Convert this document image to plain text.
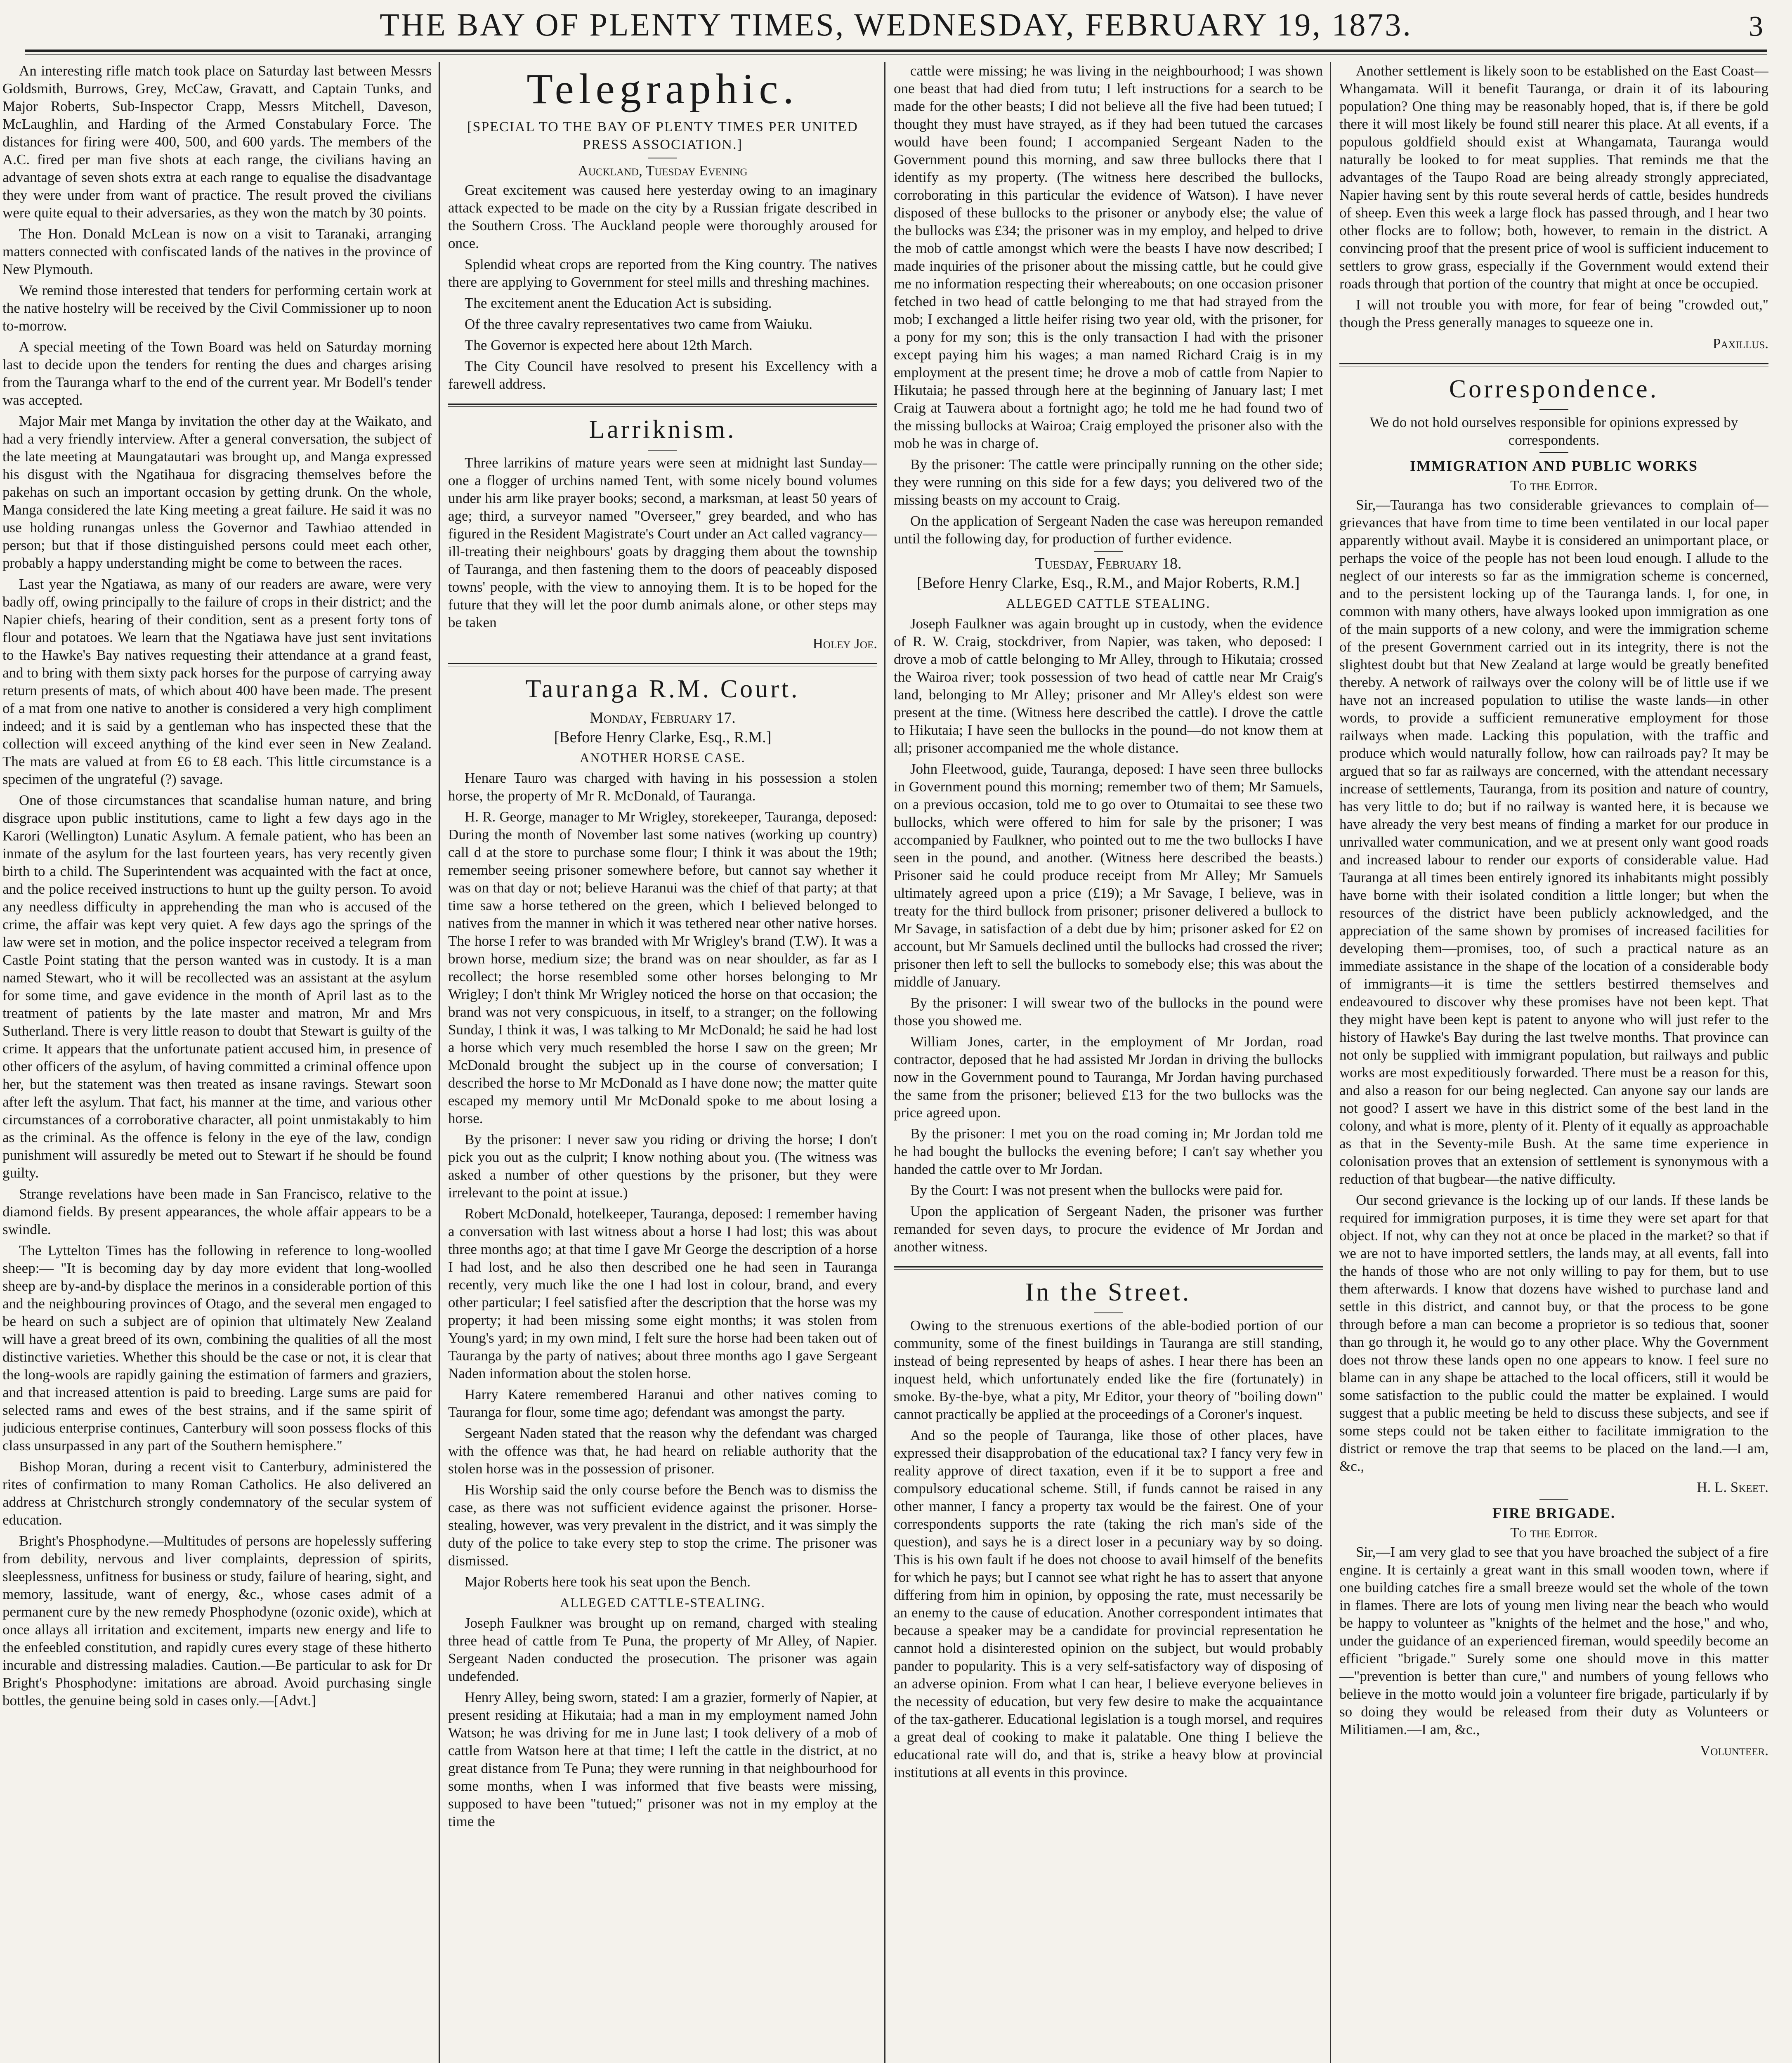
THE BAY OF PLENTY TIMES, WEDNESDAY, FEBRUARY 19, 1873.	3

An interesting rifle match took place on Saturday last between Messrs Goldsmith, Burrows, Grey, McCaw, Gravatt, and Captain Tunks, and Major Roberts, Sub-Inspector Crapp, Messrs Mitchell, Daveson, McLaughlin, and Harding of the Armed Constabulary Force. The distances for firing were 400, 500, and 600 yards. The members of the A.C. fired per man five shots at each range, the civilians having an advantage of seven shots extra at each range to equalise the disadvantage they were under from want of practice. The result proved the civilians were quite equal to their adversaries, as they won the match by 30 points.

The Hon. Donald McLean is now on a visit to Taranaki, arranging matters connected with confiscated lands of the natives in the province of New Plymouth.

We remind those interested that tenders for performing certain work at the native hostelry will be received by the Civil Commissioner up to noon to-morrow.

A special meeting of the Town Board was held on Saturday morning last to decide upon the tenders for renting the dues and charges arising from the Tauranga wharf to the end of the current year. Mr Bodell's tender was accepted.

Major Mair met Manga by invitation the other day at the Waikato, and had a very friendly interview. After a general conversation, the subject of the late meeting at Maungatautari was brought up, and Manga expressed his disgust with the Ngatihaua for disgracing themselves before the pakehas on such an important occasion by getting drunk. On the whole, Manga considered the late King meeting a great failure. He said it was no use holding runangas unless the Governor and Tawhiao attended in person; but that if those distinguished persons could meet each other, probably a happy understanding might be come to between the races.

Last year the Ngatiawa, as many of our readers are aware, were very badly off, owing principally to the failure of crops in their district; and the Napier chiefs, hearing of their condition, sent as a present forty tons of flour and potatoes. We learn that the Ngatiawa have just sent invitations to the Hawke's Bay natives requesting their attendance at a grand feast, and to bring with them sixty pack horses for the purpose of carrying away return presents of mats, of which about 400 have been made. The present of a mat from one native to another is considered a very high compliment indeed; and it is said by a gentleman who has inspected these that the collection will exceed anything of the kind ever seen in New Zealand. The mats are valued at from £6 to £8 each. This little circumstance is a specimen of the ungrateful (?) savage.

One of those circumstances that scandalise human nature, and bring disgrace upon public institutions, came to light a few days ago in the Karori (Wellington) Lunatic Asylum. A female patient, who has been an inmate of the asylum for the last fourteen years, has very recently given birth to a child. The Superintendent was acquainted with the fact at once, and the police received instructions to hunt up the guilty person. To avoid any needless difficulty in apprehending the man who is accused of the crime, the affair was kept very quiet. A few days ago the springs of the law were set in motion, and the police inspector received a telegram from Castle Point stating that the person wanted was in custody. It is a man named Stewart, who it will be recollected was an assistant at the asylum for some time, and gave evidence in the month of April last as to the treatment of patients by the late master and matron, Mr and Mrs Sutherland. There is very little reason to doubt that Stewart is guilty of the crime. It appears that the unfortunate patient accused him, in presence of other officers of the asylum, of having committed a criminal offence upon her, but the statement was then treated as insane ravings. Stewart soon after left the asylum. That fact, his manner at the time, and various other circumstances of a corroborative character, all point unmistakably to him as the criminal. As the offence is felony in the eye of the law, condign punishment will assuredly be meted out to Stewart if he should be found guilty.

Strange revelations have been made in San Francisco, relative to the diamond fields. By present appearances, the whole affair appears to be a swindle.

The Lyttelton Times has the following in reference to long-woolled sheep:— "It is becoming day by day more evident that long-woolled sheep are by-and-by displace the merinos in a considerable portion of this and the neighbouring provinces of Otago, and the several men engaged to be heard on such a subject are of opinion that ultimately New Zealand will have a great breed of its own, combining the qualities of all the most distinctive varieties. Whether this should be the case or not, it is clear that the long-wools are rapidly gaining the estimation of farmers and graziers, and that increased attention is paid to breeding. Large sums are paid for selected rams and ewes of the best strains, and if the same spirit of judicious enterprise continues, Canterbury will soon possess flocks of this class unsurpassed in any part of the Southern hemisphere."

Bishop Moran, during a recent visit to Canterbury, administered the rites of confirmation to many Roman Catholics. He also delivered an address at Christchurch strongly condemnatory of the secular system of education.

Bright's Phosphodyne.—Multitudes of persons are hopelessly suffering from debility, nervous and liver complaints, depression of spirits, sleeplessness, unfitness for business or study, failure of hearing, sight, and memory, lassitude, want of energy, &c., whose cases admit of a permanent cure by the new remedy Phosphodyne (ozonic oxide), which at once allays all irritation and excitement, imparts new energy and life to the enfeebled constitution, and rapidly cures every stage of these hitherto incurable and distressing maladies. Caution.—Be particular to ask for Dr Bright's Phosphodyne: imitations are abroad. Avoid purchasing single bottles, the genuine being sold in cases only.—[Advt.]

Telegraphic.
[SPECIAL TO THE BAY OF PLENTY TIMES PER UNITED PRESS ASSOCIATION.]
Auckland, Tuesday Evening

Great excitement was caused here yesterday owing to an imaginary attack expected to be made on the city by a Russian frigate described in the Southern Cross. The Auckland people were thoroughly aroused for once.

Splendid wheat crops are reported from the King country. The natives there are applying to Government for steel mills and threshing machines.

The excitement anent the Education Act is subsiding.

Of the three cavalry representatives two came from Waiuku.

The Governor is expected here about 12th March.

The City Council have resolved to present his Excellency with a farewell address.

Larriknism.

Three larrikins of mature years were seen at midnight last Sunday—one a flogger of urchins named Tent, with some nicely bound volumes under his arm like prayer books; second, a marksman, at least 50 years of age; third, a surveyor named "Overseer," grey bearded, and who has figured in the Resident Magistrate's Court under an Act called vagrancy—ill-treating their neighbours' goats by dragging them about the township of Tauranga, and then fastening them to the doors of peaceably disposed towns' people, with the view to annoying them. It is to be hoped for the future that they will let the poor dumb animals alone, or other steps may be taken

Holey Joe.

Tauranga R.M. Court.
Monday, February 17.
[Before Henry Clarke, Esq., R.M.]
ANOTHER HORSE CASE.

Henare Tauro was charged with having in his possession a stolen horse, the property of Mr R. McDonald, of Tauranga.

H. R. George, manager to Mr Wrigley, storekeeper, Tauranga, deposed: During the month of November last some natives (working up country) call d at the store to purchase some flour; I think it was about the 19th; remember seeing prisoner somewhere before, but cannot say whether it was on that day or not; believe Haranui was the chief of that party; at that time saw a horse tethered on the green, which I believed belonged to natives from the manner in which it was tethered near other native horses. The horse I refer to was branded with Mr Wrigley's brand (T.W). It was a brown horse, medium size; the brand was on near shoulder, as far as I recollect; the horse resembled some other horses belonging to Mr Wrigley; I don't think Mr Wrigley noticed the horse on that occasion; the brand was not very conspicuous, in itself, to a stranger; on the following Sunday, I think it was, I was talking to Mr McDonald; he said he had lost a horse which very much resembled the horse I saw on the green; Mr McDonald brought the subject up in the course of conversation; I described the horse to Mr McDonald as I have done now; the matter quite escaped my memory until Mr McDonald spoke to me about losing a horse.

By the prisoner: I never saw you riding or driving the horse; I don't pick you out as the culprit; I know nothing about you. (The witness was asked a number of other questions by the prisoner, but they were irrelevant to the point at issue.)

Robert McDonald, hotelkeeper, Tauranga, deposed: I remember having a conversation with last witness about a horse I had lost; this was about three months ago; at that time I gave Mr George the description of a horse I had lost, and he also then described one he had seen in Tauranga recently, very much like the one I had lost in colour, brand, and every other particular; I feel satisfied after the description that the horse was my property; it had been missing some eight months; it was stolen from Young's yard; in my own mind, I felt sure the horse had been taken out of Tauranga by the party of natives; about three months ago I gave Sergeant Naden information about the stolen horse.

Harry Katere remembered Haranui and other natives coming to Tauranga for flour, some time ago; defendant was amongst the party.

Sergeant Naden stated that the reason why the defendant was charged with the offence was that, he had heard on reliable authority that the stolen horse was in the possession of prisoner.

His Worship said the only course before the Bench was to dismiss the case, as there was not sufficient evidence against the prisoner. Horse-stealing, however, was very prevalent in the district, and it was simply the duty of the police to take every step to stop the crime. The prisoner was dismissed.

Major Roberts here took his seat upon the Bench.

ALLEGED CATTLE-STEALING.

Joseph Faulkner was brought up on remand, charged with stealing three head of cattle from Te Puna, the property of Mr Alley, of Napier. Sergeant Naden conducted the prosecution. The prisoner was again undefended.

Henry Alley, being sworn, stated: I am a grazier, formerly of Napier, at present residing at Hikutaia; had a man in my employment named John Watson; he was driving for me in June last; I took delivery of a mob of cattle from Watson here at that time; I left the cattle in the district, at no great distance from Te Puna; they were running in that neighbourhood for some months, when I was informed that five beasts were missing, supposed to have been "tutued;" prisoner was not in my employ at the time the

cattle were missing; he was living in the neighbourhood; I was shown one beast that had died from tutu; I left instructions for a search to be made for the other beasts; I did not believe all the five had been tutued; I thought they must have strayed, as if they had been tutued the carcases would have been found; I accompanied Sergeant Naden to the Government pound this morning, and saw three bullocks there that I identify as my property. (The witness here described the bullocks, corroborating in this particular the evidence of Watson). I have never disposed of these bullocks to the prisoner or anybody else; the value of the bullocks was £34; the prisoner was in my employ, and helped to drive the mob of cattle amongst which were the beasts I have now described; I made inquiries of the prisoner about the missing cattle, but he could give me no information respecting their whereabouts; on one occasion prisoner fetched in two head of cattle belonging to me that had strayed from the mob; I exchanged a little heifer rising two year old, with the prisoner, for a pony for my son; this is the only transaction I had with the prisoner except paying him his wages; a man named Richard Craig is in my employment at the present time; he drove a mob of cattle from Napier to Hikutaia; he passed through here at the beginning of January last; I met Craig at Tauwera about a fortnight ago; he told me he had found two of the missing bullocks at Wairoa; Craig employed the prisoner also with the mob he was in charge of.

By the prisoner: The cattle were principally running on the other side; they were running on this side for a few days; you delivered two of the missing beasts on my account to Craig.

On the application of Sergeant Naden the case was hereupon remanded until the following day, for production of further evidence.

Tuesday, February 18.
[Before Henry Clarke, Esq., R.M., and Major Roberts, R.M.]
ALLEGED CATTLE STEALING.

Joseph Faulkner was again brought up in custody, when the evidence of R. W. Craig, stockdriver, from Napier, was taken, who deposed: I drove a mob of cattle belonging to Mr Alley, through to Hikutaia; crossed the Wairoa river; took possession of two head of cattle near Mr Craig's land, belonging to Mr Alley; prisoner and Mr Alley's eldest son were present at the time. (Witness here described the cattle). I drove the cattle to Hikutaia; I have seen the bullocks in the pound—do not know them at all; prisoner accompanied me the whole distance.

John Fleetwood, guide, Tauranga, deposed: I have seen three bullocks in Government pound this morning; remember two of them; Mr Samuels, on a previous occasion, told me to go over to Otumaitai to see these two bullocks, which were offered to him for sale by the prisoner; I was accompanied by Faulkner, who pointed out to me the two bullocks I have seen in the pound, and another. (Witness here described the beasts.) Prisoner said he could produce receipt from Mr Alley; Mr Samuels ultimately agreed upon a price (£19); a Mr Savage, I believe, was in treaty for the third bullock from prisoner; prisoner delivered a bullock to Mr Savage, in satisfaction of a debt due by him; prisoner asked for £2 on account, but Mr Samuels declined until the bullocks had crossed the river; prisoner then left to sell the bullocks to somebody else; this was about the middle of January.

By the prisoner: I will swear two of the bullocks in the pound were those you showed me.

William Jones, carter, in the employment of Mr Jordan, road contractor, deposed that he had assisted Mr Jordan in driving the bullocks now in the Government pound to Tauranga, Mr Jordan having purchased the same from the prisoner; believed £13 for the two bullocks was the price agreed upon.

By the prisoner: I met you on the road coming in; Mr Jordan told me he had bought the bullocks the evening before; I can't say whether you handed the cattle over to Mr Jordan.

By the Court: I was not present when the bullocks were paid for.

Upon the application of Sergeant Naden, the prisoner was further remanded for seven days, to procure the evidence of Mr Jordan and another witness.

In the Street.

Owing to the strenuous exertions of the able-bodied portion of our community, some of the finest buildings in Tauranga are still standing, instead of being represented by heaps of ashes. I hear there has been an inquest held, which unfortunately ended like the fire (fortunately) in smoke. By-the-bye, what a pity, Mr Editor, your theory of "boiling down" cannot practically be applied at the proceedings of a Coroner's inquest.

And so the people of Tauranga, like those of other places, have expressed their disapprobation of the educational tax? I fancy very few in reality approve of direct taxation, even if it be to support a free and compulsory educational scheme. Still, if funds cannot be raised in any other manner, I fancy a property tax would be the fairest. One of your correspondents supports the rate (taking the rich man's side of the question), and says he is a direct loser in a pecuniary way by so doing. This is his own fault if he does not choose to avail himself of the benefits for which he pays; but I cannot see what right he has to assert that anyone differing from him in opinion, by opposing the rate, must necessarily be an enemy to the cause of education. Another correspondent intimates that because a speaker may be a candidate for provincial representation he cannot hold a disinterested opinion on the subject, but would probably pander to popularity. This is a very self-satisfactory way of disposing of an adverse opinion. From what I can hear, I believe everyone believes in the necessity of education, but very few desire to make the acquaintance of the tax-gatherer. Educational legislation is a tough morsel, and requires a great deal of cooking to make it palatable. One thing I believe the educational rate will do, and that is, strike a heavy blow at provincial institutions at all events in this province.

Another settlement is likely soon to be established on the East Coast—Whangamata. Will it benefit Tauranga, or drain it of its labouring population? One thing may be reasonably hoped, that is, if there be gold there it will most likely be found still nearer this place. At all events, if a populous goldfield should exist at Whangamata, Tauranga would naturally be looked to for meat supplies. That reminds me that the advantages of the Taupo Road are being already strongly appreciated, Napier having sent by this route several herds of cattle, besides hundreds of sheep. Even this week a large flock has passed through, and I hear two other flocks are to follow; both, however, to remain in the district. A convincing proof that the present price of wool is sufficient inducement to settlers to grow grass, especially if the Government would extend their roads through that portion of the country that might at once be occupied.

I will not trouble you with more, for fear of being "crowded out," though the Press generally manages to squeeze one in.

Paxillus.

Correspondence.
We do not hold ourselves responsible for opinions expressed by correspondents.
IMMIGRATION AND PUBLIC WORKS
To the Editor.

Sir,—Tauranga has two considerable grievances to complain of—grievances that have from time to time been ventilated in our local paper apparently without avail. Maybe it is considered an unimportant place, or perhaps the voice of the people has not been loud enough. I allude to the neglect of our interests so far as the immigration scheme is concerned, and to the persistent locking up of the Tauranga lands. I, for one, in common with many others, have always looked upon immigration as one of the main supports of a new colony, and were the immigration scheme of the present Government carried out in its integrity, there is not the slightest doubt but that New Zealand at large would be greatly benefited thereby. A network of railways over the colony will be of little use if we have not an increased population to utilise the waste lands—in other words, to provide a sufficient remunerative employment for those railways when made. Lacking this population, with the traffic and produce which would naturally follow, how can railroads pay? It may be argued that so far as railways are concerned, with the attendant necessary increase of settlements, Tauranga, from its position and nature of country, has very little to do; but if no railway is wanted here, it is because we have already the very best means of finding a market for our produce in unrivalled water communication, and we at present only want good roads and increased labour to render our exports of considerable value. Had Tauranga at all times been entirely ignored its inhabitants might possibly have borne with their isolated condition a little longer; but when the resources of the district have been publicly acknowledged, and the appreciation of the same shown by promises of increased facilities for developing them—promises, too, of such a practical nature as an immediate assistance in the shape of the location of a considerable body of immigrants—it is time the settlers bestirred themselves and endeavoured to discover why these promises have not been kept. That they might have been kept is patent to anyone who will just refer to the history of Hawke's Bay during the last twelve months. That province can not only be supplied with immigrant population, but railways and public works are most expeditiously forwarded. There must be a reason for this, and also a reason for our being neglected. Can anyone say our lands are not good? I assert we have in this district some of the best land in the colony, and what is more, plenty of it. Plenty of it equally as approachable as that in the Seventy-mile Bush. At the same time experience in colonisation proves that an extension of settlement is synonymous with a reduction of that bugbear—the native difficulty.

Our second grievance is the locking up of our lands. If these lands be required for immigration purposes, it is time they were set apart for that object. If not, why can they not at once be placed in the market? so that if we are not to have imported settlers, the lands may, at all events, fall into the hands of those who are not only willing to pay for them, but to use them afterwards. I know that dozens have wished to purchase land and settle in this district, and cannot buy, or that the process to be gone through before a man can become a proprietor is so tedious that, sooner than go through it, he would go to any other place. Why the Government does not throw these lands open no one appears to know. I feel sure no blame can in any shape be attached to the local officers, still it would be some satisfaction to the public could the matter be explained. I would suggest that a public meeting be held to discuss these subjects, and see if some steps could not be taken either to facilitate immigration to the district or remove the trap that seems to be placed on the land.—I am, &c.,

H. L. Skeet.

FIRE BRIGADE.
To the Editor.

Sir,—I am very glad to see that you have broached the subject of a fire engine. It is certainly a great want in this small wooden town, where if one building catches fire a small breeze would set the whole of the town in flames. There are lots of young men living near the beach who would be happy to volunteer as "knights of the helmet and the hose," and who, under the guidance of an experienced fireman, would speedily become an efficient "brigade." Surely some one should move in this matter—"prevention is better than cure," and numbers of young fellows who believe in the motto would join a volunteer fire brigade, particularly if by so doing they would be released from their duty as Volunteers or Militiamen.—I am, &c.,

Volunteer.
